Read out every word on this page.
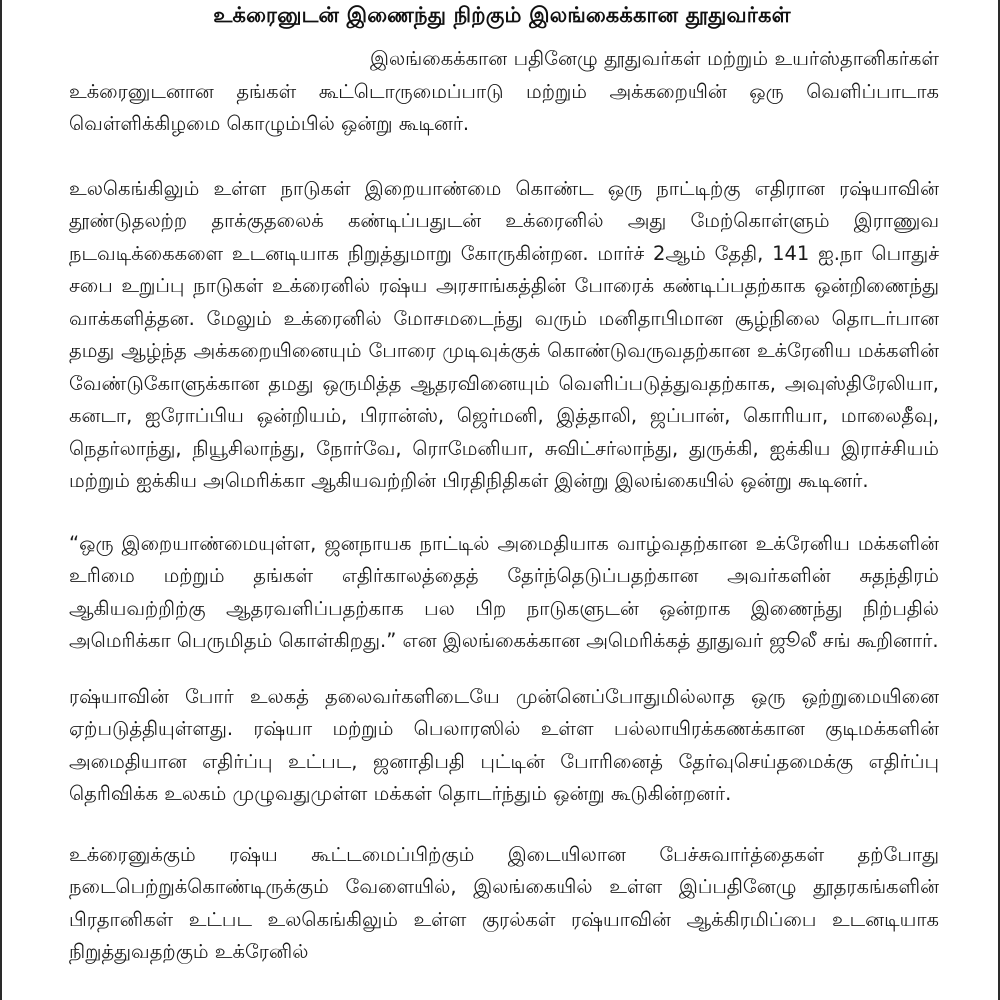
உக்ரைனுடன் இணைந்து நிற்கும் இலங்கைக்கான தூதுவர்கள்

இலங்கைக்கான பதினேழு தூதுவர்கள் மற்றும் உயர்ஸ்தானிகர்கள் உக்ரைனுடனான தங்கள் கூட்டொருமைப்பாடு மற்றும் அக்கறையின் ஒரு வெளிப்பாடாக வெள்ளிக்கிழமை கொழும்பில் ஒன்று கூடினர்.

உலகெங்கிலும் உள்ள நாடுகள் இறையாண்மை கொண்ட ஒரு நாட்டிற்கு எதிரான ரஷ்யாவின் தூண்டுதலற்ற தாக்குதலைக் கண்டிப்பதுடன் உக்ரைனில் அது மேற்கொள்ளும் இராணுவ நடவடிக்கைகளை உடனடியாக நிறுத்துமாறு கோருகின்றன. மார்ச் 2ஆம் தேதி, 141 ஐ.நா பொதுச் சபை உறுப்பு நாடுகள் உக்ரைனில் ரஷ்ய அரசாங்கத்தின் போரைக் கண்டிப்பதற்காக ஒன்றிணைந்து வாக்களித்தன. மேலும் உக்ரைனில் மோசமடைந்து வரும் மனிதாபிமான சூழ்நிலை தொடர்பான தமது ஆழ்ந்த அக்கறையினையும் போரை முடிவுக்குக் கொண்டுவருவதற்கான உக்ரேனிய மக்களின் வேண்டுகோளுக்கான தமது ஒருமித்த ஆதரவினையும் வெளிப்படுத்துவதற்காக, அவுஸ்திரேலியா, கனடா, ஐரோப்பிய ஒன்றியம், பிரான்ஸ், ஜெர்மனி, இத்தாலி, ஜப்பான், கொரியா, மாலைதீவு, நெதர்லாந்து, நியூசிலாந்து, நோர்வே, ரொமேனியா, சுவிட்சர்லாந்து, துருக்கி, ஐக்கிய இராச்சியம் மற்றும் ஐக்கிய அமெரிக்கா ஆகியவற்றின் பிரதிநிதிகள் இன்று இலங்கையில் ஒன்று கூடினர்.

“ஒரு இறையாண்மையுள்ள, ஜனநாயக நாட்டில் அமைதியாக வாழ்வதற்கான உக்ரேனிய மக்களின் உரிமை மற்றும் தங்கள் எதிர்காலத்தைத் தேர்ந்தெடுப்பதற்கான அவர்களின் சுதந்திரம் ஆகியவற்றிற்கு ஆதரவளிப்பதற்காக பல பிற நாடுகளுடன் ஒன்றாக இணைந்து நிற்பதில் அமெரிக்கா பெருமிதம் கொள்கிறது.” என இலங்கைக்கான அமெரிக்கத் தூதுவர் ஜூலீ சங் கூறினார்.

ரஷ்யாவின் போர் உலகத் தலைவர்களிடையே முன்னெப்போதுமில்லாத ஒரு ஒற்றுமையினை ஏற்படுத்தியுள்ளது. ரஷ்யா மற்றும் பெலாரஸில் உள்ள பல்லாயிரக்கணக்கான குடிமக்களின் அமைதியான எதிர்ப்பு உட்பட, ஜனாதிபதி புட்டின் போரினைத் தேர்வுசெய்தமைக்கு எதிர்ப்பு தெரிவிக்க உலகம் முழுவதுமுள்ள மக்கள் தொடர்ந்தும் ஒன்று கூடுகின்றனர்.

உக்ரைனுக்கும் ரஷ்ய கூட்டமைப்பிற்கும் இடையிலான பேச்சுவார்த்தைகள் தற்போது நடைபெற்றுக்கொண்டிருக்கும் வேளையில், இலங்கையில் உள்ள இப்பதினேழு தூதரகங்களின் பிரதானிகள் உட்பட உலகெங்கிலும் உள்ள குரல்கள் ரஷ்யாவின் ஆக்கிரமிப்பை உடனடியாக நிறுத்துவதற்கும் உக்ரேனில்
